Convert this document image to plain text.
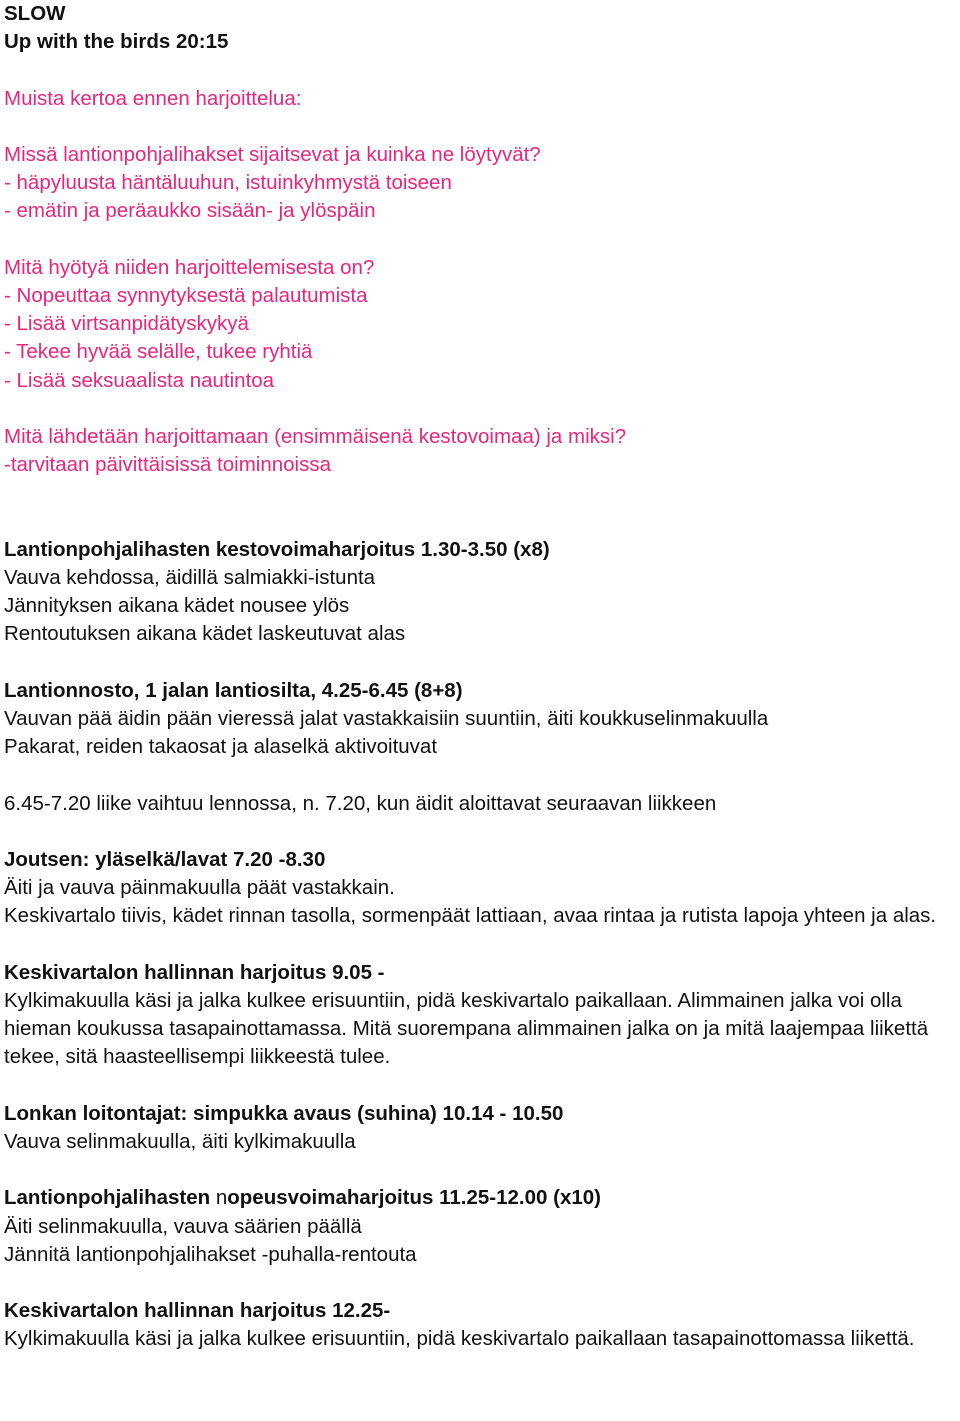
SLOW
Up with the birds 20:15
Muista kertoa ennen harjoittelua:
Missä lantionpohjalihakset sijaitsevat ja kuinka ne löytyvät?
- häpyluusta häntäluuhun, istuinkyhmystä toiseen
- emätin ja peräaukko sisään- ja ylöspäin
Mitä hyötyä niiden harjoittelemisesta on?
- Nopeuttaa synnytyksestä palautumista
- Lisää virtsanpidätyskykyä
- Tekee hyvää selälle, tukee ryhtiä
- Lisää seksuaalista nautintoa
Mitä lähdetään harjoittamaan (ensimmäisenä kestovoimaa) ja miksi?
-tarvitaan päivittäisissä toiminnoissa
Lantionpohjalihasten kestovoimaharjoitus 1.30-3.50 (x8)
Vauva kehdossa, äidillä salmiakki-istunta
Jännityksen aikana kädet nousee ylös
Rentoutuksen aikana kädet laskeutuvat alas
Lantionnosto, 1 jalan lantiosilta, 4.25-6.45 (8+8)
Vauvan pää äidin pään vieressä jalat vastakkaisiin suuntiin, äiti koukkuselinmakuulla
Pakarat, reiden takaosat ja alaselkä aktivoituvat
6.45-7.20 liike vaihtuu lennossa, n. 7.20, kun äidit aloittavat seuraavan liikkeen
Joutsen: yläselkä/lavat 7.20 -8.30
Äiti ja vauva päinmakuulla päät vastakkain.
Keskivartalo tiivis, kädet rinnan tasolla, sormenpäät lattiaan, avaa rintaa ja rutista lapoja yhteen ja alas.
Keskivartalon hallinnan harjoitus 9.05 -
Kylkimakuulla käsi ja jalka kulkee erisuuntiin, pidä keskivartalo paikallaan. Alimmainen jalka voi olla hieman koukussa tasapainottamassa. Mitä suorempana alimmainen jalka on ja mitä laajempaa liikettä tekee, sitä haasteellisempi liikkeestä tulee.
Lonkan loitontajat: simpukka avaus (suhina) 10.14 - 10.50
Vauva selinmakuulla, äiti kylkimakuulla
Lantionpohjalihasten nopeusvoimaharjoitus 11.25-12.00 (x10)
Äiti selinmakuulla, vauva säärien päällä
Jännitä lantionpohjalihakset -puhalla-rentouta
Keskivartalon hallinnan harjoitus 12.25-
Kylkimakuulla käsi ja jalka kulkee erisuuntiin, pidä keskivartalo paikallaan tasapainottomassa liikettä.
